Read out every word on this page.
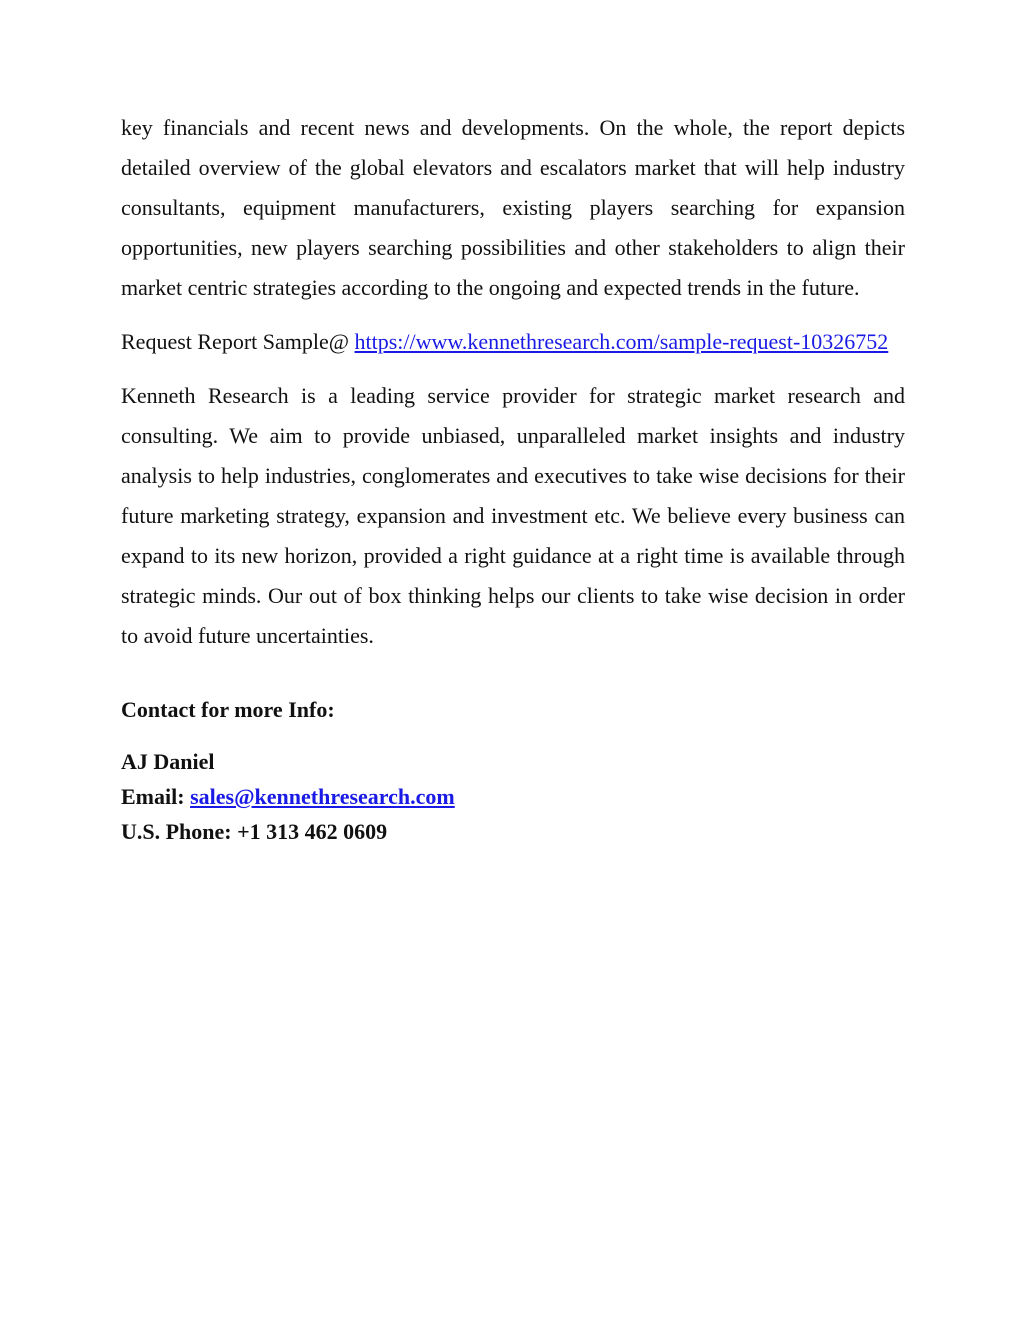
key financials and recent news and developments. On the whole, the report depicts detailed overview of the global elevators and escalators market that will help industry consultants, equipment manufacturers, existing players searching for expansion opportunities, new players searching possibilities and other stakeholders to align their market centric strategies according to the ongoing and expected trends in the future.

Request Report Sample@ https://www.kennethresearch.com/sample-request-10326752

Kenneth Research is a leading service provider for strategic market research and consulting. We aim to provide unbiased, unparalleled market insights and industry analysis to help industries, conglomerates and executives to take wise decisions for their future marketing strategy, expansion and investment etc. We believe every business can expand to its new horizon, provided a right guidance at a right time is available through strategic minds. Our out of box thinking helps our clients to take wise decision in order to avoid future uncertainties.

Contact for more Info:

AJ Daniel
Email: sales@kennethresearch.com
U.S. Phone: +1 313 462 0609
